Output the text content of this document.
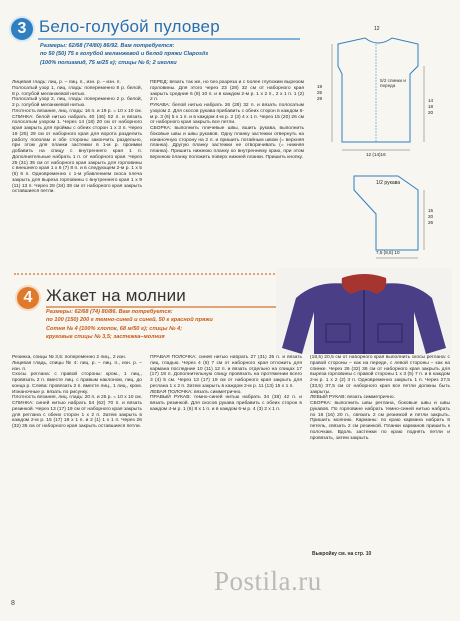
3 Бело-голубой пуловер
Размеры: 62/68 (74/80) 86/92. Вам потребуется:
по 50 (50) 75 г голубой меланжевой и белой пряжи Claposiis
(100% полиамид, 75 м/25 г); спицы № 6; 2 иголки

Лицевая гладь: лиц. р. – лиц. п., изн. р. – изн. п.

Полосатый узор 1, лиц. гладь: попеременно 8 р. белой, 8 р. голубой меланжевой нитью.

Полосатый узор 2, лиц. гладь: попеременно 2 р. белой, 2 р. голубой меланжевой нитью.

Плотность вязания, лиц. гладь: 16 п. и 19 р. = 10 х 10 см.

СПИНКА: белой нитью набрать 40 (46) 52 п. и вязать полосатым узором 1. Через 14 (18) 20 см от наборного края закрыть для проймы с обеих сторон 1 х 3 п. Через 19 (25) 29 см от наборного края для ворота разделить работу пополам и обе стороны закончить раздельно, при этом для планки застежки в 1-м р. проимки добавить на спицу с внутреннего края 1 п. Дополнительные набрать 1 п. от наборного края. Через 25 (31) 35 см от наборного края закрыть для горловины с внешнего края 1 х 6 (7) 8 п. и в следующем 2-м р. 1 х 5 (6) 6 п. Одновременно с 1-м убавлением скоса плеча закрыть для выреза горловины с внутреннего края 1 х 9 (11) 13 п. Через 28 (34) 38 см от наборного края закрыть оставшиеся петли.

ПЕРЕД: вязать так же, но без разреза и с более глубоким вырезом горловины. Для этого через 23 (28) 32 см от наборного края закрыть средние 6 (8) 10 п. и в каждом 2-м р. 1 х 2 п., 2 х 1 п. 1 (2) 2 п.

РУКАВА: белой нитью набрать 26 (28) 32 п. и вязать полосатым узором 2. Для скосов рукава прибавить с обеих сторон в каждом 6-м р. 3 (6) 5 х 1 п. и в каждом 4-м р. 2 (3) 4 х 1 п. Через 15 (20) 26 см от наборного края закрыть все петли.

СБОРКА: выполнить плечевые швы, вшить рукава, выполнить боковые швы и швы рукавов. Одну планку застежки отвернуть на изнаночную сторону на 2 п. и пришить потайным швом (= верхняя планка). Другую планку застежки не отворачивать (= нижняя планка). Пришить нижнюю планку ко внутреннему краю, при этом верхнюю планку положить поверх нижней планки. Пришить кнопку.

12
5/2 спинки и переда
19
25
29	14
18
20
12 (14)16
1/2 рукава
15
20
26
7,5 (8,5) 10
4 Жакет на молнии
Размеры: 62/68 (74) 80/86. Вам потребуется:
по 100 (150) 200 г темно-синей и синей, 50 г красной пряжи
Сотня № 4 (100% хлопок, 68 м/50 г); спицы № 4;
круговые спицы № 3,5; застежка–молния

Резинка, спицы № 3,5: попеременно 2 лиц., 2 изн.

Лицевая гладь, спицы № 4: лиц. р. – лиц. п., изн. р. – изн. п.

Скосы реглана: с правой стороны: кром., 1 лиц., провязать 2 п. вместе лиц. с правым наклоном, лиц. до конца р. Слева: провязать 2 п. вместе лиц., 1 лиц., кром. Изнаночные р. вязать по рисунку.

Плотность вязания, лиц. гладь: 20 п. и 25 р. = 10 х 10 см.

СПИНКА: синей нитью набрать 54 (62) 70 п. и вязать резинкой. Через 13 (17) 19 см от наборного края закрыть для реглана с обеих сторон 1 х 2 п. Затем закрыть в каждом 2-м р. 15 (17) 19 х 1 п. и 2 (1) 1 х 1 п. Через 26 (32) 36 см от наборного края закрыть оставшиеся петли.

ПРАВАЯ ПОЛОЧКА: синей нитью набрать 27 (31) 35 п. и вязать лиц. гладью. Через 4 (6) 7 см от наборного края отложить для кармана последние 10 (11) 12 п. и вязать отдельно на спицах 17 (17) 18 п. Дополнительную спицу провязать на протяжении всего 3 (4) 5 см. Через 13 (17) 19 см от наборного края закрыть для реглана 1 х 2 п. Затем закрыть в каждом 2-м р. 11 (13) 15 х 1 п.

ЛЕВАЯ ПОЛОЧКА: вязать симметрично.

ПРАВЫЙ РУКАВ: темно-синей нитью набрать 34 (38) 42 п. и вязать резинкой. Для скосов рукава прибавить с обеих сторон в каждом 4-м р. 1 (6) 8 х 1 п. и в каждом 6-м р. 4 (3) 2 х 1 п.

(18,5) 20,5 см от наборного края выполнить скосы реглана: с правой стороны – как на переде, с левой стороны – как на спинке. Через 26 (32) 36 см от наборного края закрыть для выреза горловины с правой стороны 1 х 3 (5) 7 п. и в каждом 2-м р. 1 х 2 (2) 3 п. Одновременно закрыть 1 п. Через 27,5 (33,5) 37,5 см от наборного края все петли должны быть закрыты.

ЛЕВЫЙ РУКАВ: вязать симметрично.

СБОРКА: выполнить швы реглана, боковые швы и швы рукавов. По горловине набрать темно-синей нитью набрать по 16 (16) 20 п., связать 2 см резинкой и петли закрыть. Пришить молнию. Карманы: по краю кармана набрать 8 петель, связать 2 см резинкой. Планки карманов пришить к полочкам. Вдоль застежки по краю поднять петли и провязать, затем закрыть.

Выкройку см. на стр. 10
Postila.ru
8
